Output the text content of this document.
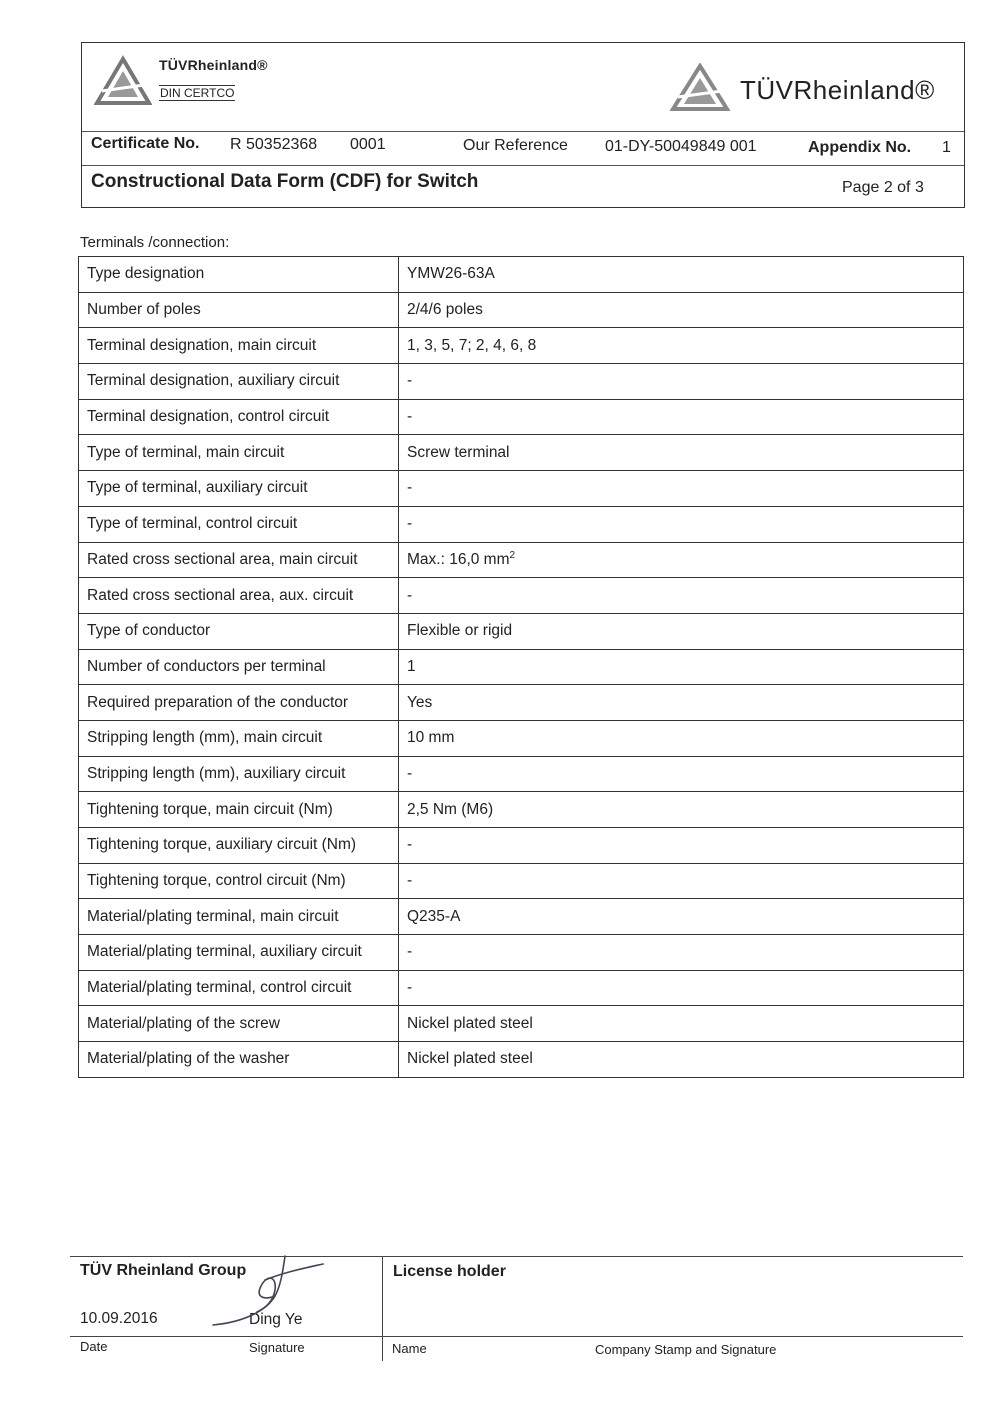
TÜVRheinland®
DIN CERTCO	TÜVRheinland®
Certificate No. R 50352368 0001	Our Reference 01-DY-50049849 001	Appendix No. 1
Constructional Data Form (CDF) for Switch	Page 2 of 3
Terminals /connection:
Type designation	YMW26-63A
Number of poles	2/4/6 poles
Terminal designation, main circuit	1, 3, 5, 7; 2, 4, 6, 8
Terminal designation, auxiliary circuit	-
Terminal designation, control circuit	-
Type of terminal, main circuit	Screw terminal
Type of terminal, auxiliary circuit	-
Type of terminal, control circuit	-
Rated cross sectional area, main circuit	Max.: 16,0 $mm^2$
Rated cross sectional area, aux. circuit	-
Type of conductor	Flexible or rigid
Number of conductors per terminal	1
Required preparation of the conductor	Yes
Stripping length (mm), main circuit	10 mm
Stripping length (mm), auxiliary circuit	-
Tightening torque, main circuit (Nm)	2,5 Nm (M6)
Tightening torque, auxiliary circuit (Nm)	-
Tightening torque, control circuit (Nm)	-
Material/plating terminal, main circuit	Q235-A
Material/plating terminal, auxiliary circuit	-
Material/plating terminal, control circuit	-
Material/plating of the screw	Nickel plated steel
Material/plating of the washer	Nickel plated steel
TÜV Rheinland Group
10.09.2016	Ding Ye
Date	Signature
License holder
Name	Company Stamp and Signature
